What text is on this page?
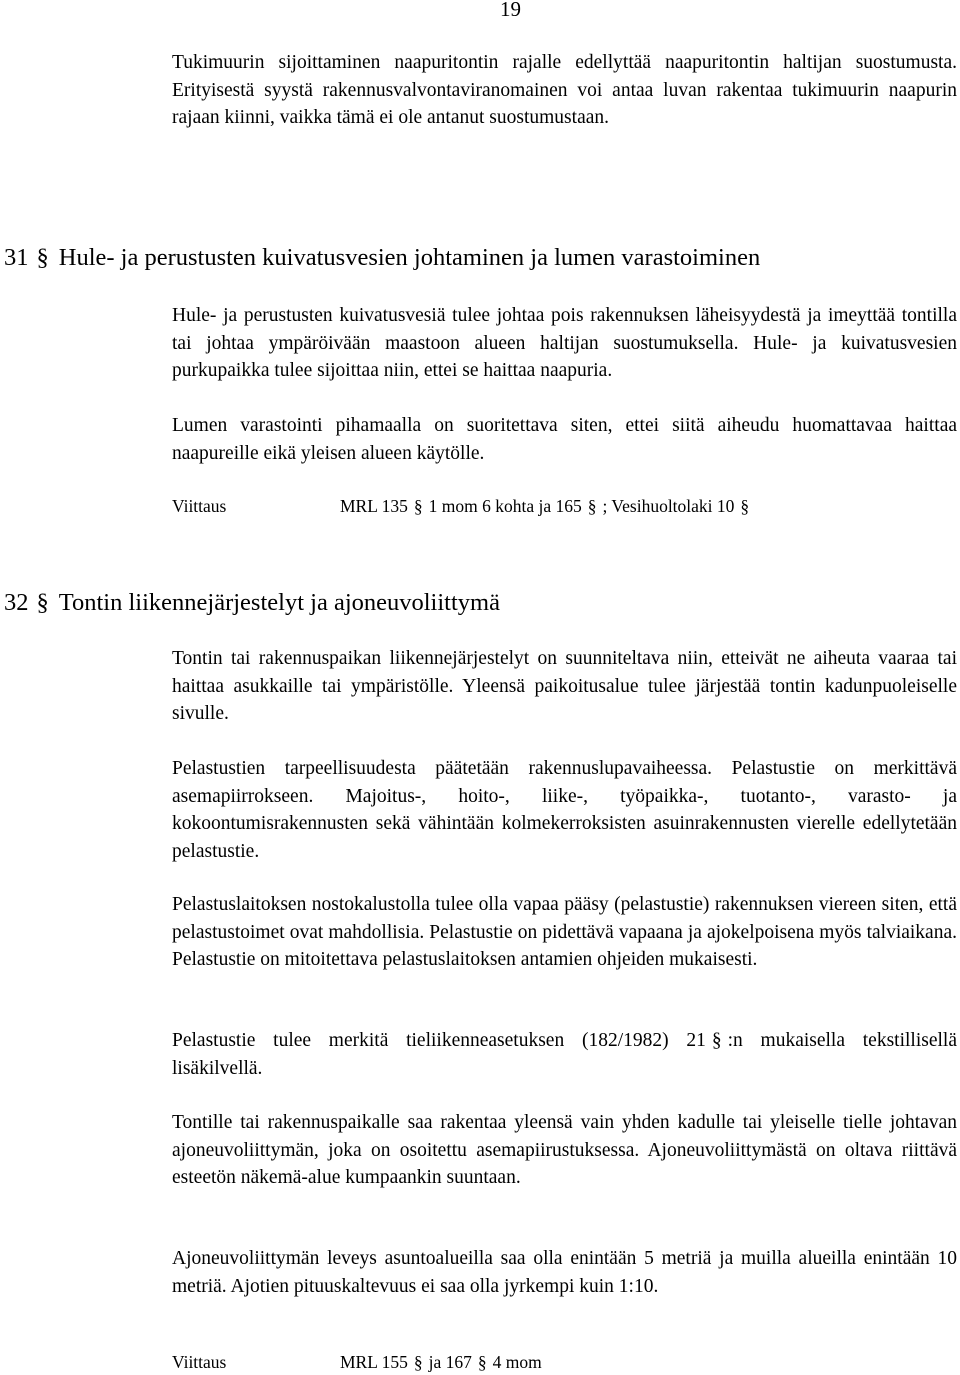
19

Tukimuurin sijoittaminen naapuritontin rajalle edellyttää naapuritontin haltijan suostumusta. Erityisestä syystä rakennusvalvontaviranomainen voi antaa luvan rakentaa tukimuurin naapurin rajaan kiinni, vaikka tämä ei ole antanut suostumustaan.

31 § Hule- ja perustusten kuivatusvesien johtaminen ja lumen varastoiminen

Hule- ja perustusten kuivatusvesiä tulee johtaa pois rakennuksen läheisyydestä ja imeyttää tontilla tai johtaa ympäröivään maastoon alueen haltijan suostumuksella. Hule- ja kuivatusvesien purkupaikka tulee sijoittaa niin, ettei se haittaa naapuria.

Lumen varastointi pihamaalla on suoritettava siten, ettei siitä aiheudu huomattavaa haittaa naapureille eikä yleisen alueen käytölle.

Viittaus	MRL 135 § 1 mom 6 kohta ja 165 § ; Vesihuoltolaki 10 §
32 § Tontin liikennejärjestelyt ja ajoneuvoliittymä

Tontin tai rakennuspaikan liikennejärjestelyt on suunniteltava niin, etteivät ne aiheuta vaaraa tai haittaa asukkaille tai ympäristölle. Yleensä paikoitusalue tulee järjestää tontin kadunpuoleiselle sivulle.

Pelastustien tarpeellisuudesta päätetään rakennuslupavaiheessa. Pelastustie on merkittävä asemapiirrokseen. Majoitus-, hoito-, liike-, työpaikka-, tuotanto-, varasto- ja kokoontumisrakennusten sekä vähintään kolmekerroksisten asuinrakennusten vierelle edellytetään pelastustie.

Pelastuslaitoksen nostokalustolla tulee olla vapaa pääsy (pelastustie) rakennuksen viereen siten, että pelastustoimet ovat mahdollisia. Pelastustie on pidettävä vapaana ja ajokelpoisena myös talviaikana. Pelastustie on mitoitettava pelastuslaitoksen antamien ohjeiden mukaisesti.

Pelastustie tulee merkitä tieliikenneasetuksen (182/1982) 21 § :n mukaisella tekstillisellä lisäkilvellä.

Tontille tai rakennuspaikalle saa rakentaa yleensä vain yhden kadulle tai yleiselle tielle johtavan ajoneuvoliittymän, joka on osoitettu asemapiirustuksessa. Ajoneuvoliittymästä on oltava riittävä esteetön näkemä-alue kumpaankin suuntaan.

Ajoneuvoliittymän leveys asuntoalueilla saa olla enintään 5 metriä ja muilla alueilla enintään 10 metriä. Ajotien pituuskaltevuus ei saa olla jyrkempi kuin 1:10.

Viittaus	MRL 155 § ja 167 § 4 mom
